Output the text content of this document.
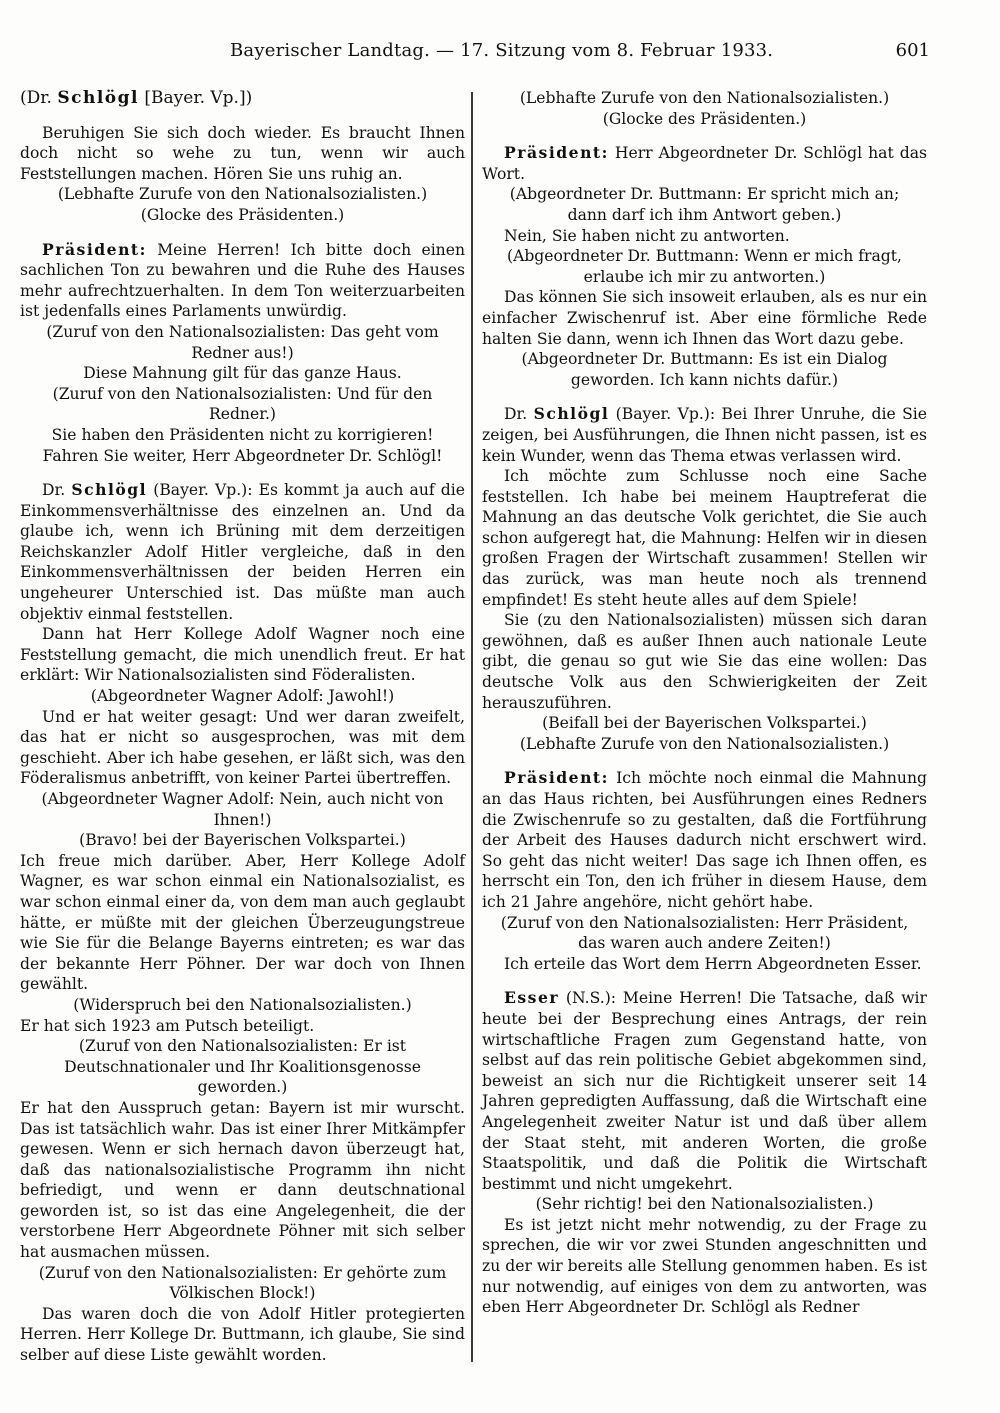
Bayerischer Landtag. — 17. Sitzung vom 8. Februar 1933.	601

(Dr. Schlögl [Bayer. Vp.])

Beruhigen Sie sich doch wieder. Es braucht Ihnen doch nicht so wehe zu tun, wenn wir auch Feststellungen machen. Hören Sie uns ruhig an.

(Lebhafte Zurufe von den Nationalsozialisten.)

(Glocke des Präsidenten.)

Präsident: Meine Herren! Ich bitte doch einen sachlichen Ton zu bewahren und die Ruhe des Hauses mehr aufrechtzuerhalten. In dem Ton weiterzuarbeiten ist jedenfalls eines Parlaments unwürdig.

(Zuruf von den Nationalsozialisten: Das geht vom Redner aus!)

Diese Mahnung gilt für das ganze Haus.

(Zuruf von den Nationalsozialisten: Und für den Redner.)

Sie haben den Präsidenten nicht zu korrigieren! Fahren Sie weiter, Herr Abgeordneter Dr. Schlögl!

Dr. Schlögl (Bayer. Vp.): Es kommt ja auch auf die Einkommensverhältnisse des einzelnen an. Und da glaube ich, wenn ich Brüning mit dem derzeitigen Reichskanzler Adolf Hitler vergleiche, daß in den Einkommensverhältnissen der beiden Herren ein ungeheurer Unterschied ist. Das müßte man auch objektiv einmal feststellen.

Dann hat Herr Kollege Adolf Wagner noch eine Feststellung gemacht, die mich unendlich freut. Er hat erklärt: Wir Nationalsozialisten sind Föderalisten.

(Abgeordneter Wagner Adolf: Jawohl!)

Und er hat weiter gesagt: Und wer daran zweifelt, das hat er nicht so ausgesprochen, was mit dem geschieht. Aber ich habe gesehen, er läßt sich, was den Föderalismus anbetrifft, von keiner Partei übertreffen.

(Abgeordneter Wagner Adolf: Nein, auch nicht von Ihnen!)

(Bravo! bei der Bayerischen Volkspartei.)

Ich freue mich darüber. Aber, Herr Kollege Adolf Wagner, es war schon einmal ein Nationalsozialist, es war schon einmal einer da, von dem man auch geglaubt hätte, er müßte mit der gleichen Überzeugungstreue wie Sie für die Belange Bayerns eintreten; es war das der bekannte Herr Pöhner. Der war doch von Ihnen gewählt.

(Widerspruch bei den Nationalsozialisten.)

Er hat sich 1923 am Putsch beteiligt.

(Zuruf von den Nationalsozialisten: Er ist Deutschnationaler und Ihr Koalitionsgenosse geworden.)

Er hat den Ausspruch getan: Bayern ist mir wurscht. Das ist tatsächlich wahr. Das ist einer Ihrer Mitkämpfer gewesen. Wenn er sich hernach davon überzeugt hat, daß das nationalsozialistische Programm ihn nicht befriedigt, und wenn er dann deutschnational geworden ist, so ist das eine Angelegenheit, die der verstorbene Herr Abgeordnete Pöhner mit sich selber hat ausmachen müssen.

(Zuruf von den Nationalsozialisten: Er gehörte zum Völkischen Block!)

Das waren doch die von Adolf Hitler protegierten Herren. Herr Kollege Dr. Buttmann, ich glaube, Sie sind selber auf diese Liste gewählt worden.

(Lebhafte Zurufe von den Nationalsozialisten.)

(Glocke des Präsidenten.)

Präsident: Herr Abgeordneter Dr. Schlögl hat das Wort.

(Abgeordneter Dr. Buttmann: Er spricht mich an; dann darf ich ihm Antwort geben.)

Nein, Sie haben nicht zu antworten.

(Abgeordneter Dr. Buttmann: Wenn er mich fragt, erlaube ich mir zu antworten.)

Das können Sie sich insoweit erlauben, als es nur ein einfacher Zwischenruf ist. Aber eine förmliche Rede halten Sie dann, wenn ich Ihnen das Wort dazu gebe.

(Abgeordneter Dr. Buttmann: Es ist ein Dialog geworden. Ich kann nichts dafür.)

Dr. Schlögl (Bayer. Vp.): Bei Ihrer Unruhe, die Sie zeigen, bei Ausführungen, die Ihnen nicht passen, ist es kein Wunder, wenn das Thema etwas verlassen wird.

Ich möchte zum Schlusse noch eine Sache feststellen. Ich habe bei meinem Hauptreferat die Mahnung an das deutsche Volk gerichtet, die Sie auch schon aufgeregt hat, die Mahnung: Helfen wir in diesen großen Fragen der Wirtschaft zusammen! Stellen wir das zurück, was man heute noch als trennend empfindet! Es steht heute alles auf dem Spiele!

Sie (zu den Nationalsozialisten) müssen sich daran gewöhnen, daß es außer Ihnen auch nationale Leute gibt, die genau so gut wie Sie das eine wollen: Das deutsche Volk aus den Schwierigkeiten der Zeit herauszuführen.

(Beifall bei der Bayerischen Volkspartei.)

(Lebhafte Zurufe von den Nationalsozialisten.)

Präsident: Ich möchte noch einmal die Mahnung an das Haus richten, bei Ausführungen eines Redners die Zwischenrufe so zu gestalten, daß die Fortführung der Arbeit des Hauses dadurch nicht erschwert wird. So geht das nicht weiter! Das sage ich Ihnen offen, es herrscht ein Ton, den ich früher in diesem Hause, dem ich 21 Jahre angehöre, nicht gehört habe.

(Zuruf von den Nationalsozialisten: Herr Präsident, das waren auch andere Zeiten!)

Ich erteile das Wort dem Herrn Abgeordneten Esser.

Esser (N.S.): Meine Herren! Die Tatsache, daß wir heute bei der Besprechung eines Antrags, der rein wirtschaftliche Fragen zum Gegenstand hatte, von selbst auf das rein politische Gebiet abgekommen sind, beweist an sich nur die Richtigkeit unserer seit 14 Jahren gepredigten Auffassung, daß die Wirtschaft eine Angelegenheit zweiter Natur ist und daß über allem der Staat steht, mit anderen Worten, die große Staatspolitik, und daß die Politik die Wirtschaft bestimmt und nicht umgekehrt.

(Sehr richtig! bei den Nationalsozialisten.)

Es ist jetzt nicht mehr notwendig, zu der Frage zu sprechen, die wir vor zwei Stunden angeschnitten und zu der wir bereits alle Stellung genommen haben. Es ist nur notwendig, auf einiges von dem zu antworten, was eben Herr Abgeordneter Dr. Schlögl als Redner
